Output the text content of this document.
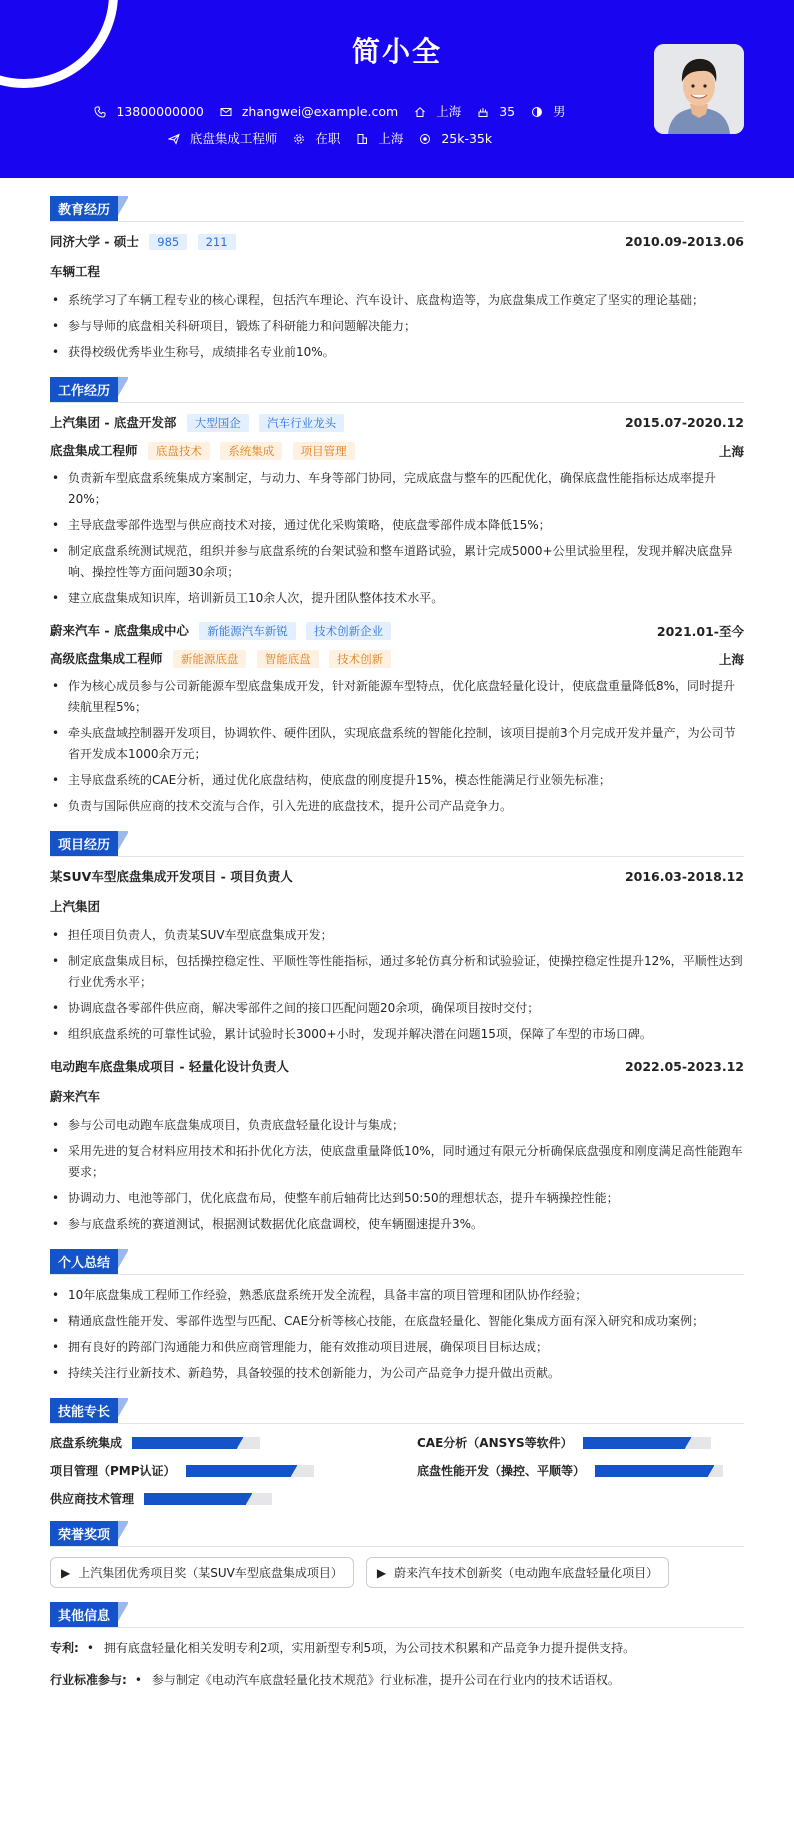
简小全
13800000000	zhangwei@example.com	上海	35	男
底盘集成工程师	在职	上海	25k-35k
教育经历
同济大学 - 硕士 985 211	2010.09-2013.06
车辆工程
• 系统学习了车辆工程专业的核心课程，包括汽车理论、汽车设计、底盘构造等，为底盘集成工作奠定了坚实的理论基础；
• 参与导师的底盘相关科研项目，锻炼了科研能力和问题解决能力；
• 获得校级优秀毕业生称号，成绩排名专业前10%。
工作经历
上汽集团 - 底盘开发部 大型国企 汽车行业龙头	2015.07-2020.12
底盘集成工程师 底盘技术 系统集成 项目管理	上海
• 负责新车型底盘系统集成方案制定，与动力、车身等部门协同，完成底盘与整车的匹配优化，确保底盘性能指标达成率提升20%；
• 主导底盘零部件选型与供应商技术对接，通过优化采购策略，使底盘零部件成本降低15%；
• 制定底盘系统测试规范，组织并参与底盘系统的台架试验和整车道路试验，累计完成5000+公里试验里程，发现并解决底盘异响、操控性等方面问题30余项；
• 建立底盘集成知识库，培训新员工10余人次，提升团队整体技术水平。
蔚来汽车 - 底盘集成中心 新能源汽车新锐 技术创新企业	2021.01-至今
高级底盘集成工程师 新能源底盘 智能底盘 技术创新	上海
• 作为核心成员参与公司新能源车型底盘集成开发，针对新能源车型特点，优化底盘轻量化设计，使底盘重量降低8%，同时提升续航里程5%；
• 牵头底盘域控制器开发项目，协调软件、硬件团队，实现底盘系统的智能化控制，该项目提前3个月完成开发并量产，为公司节省开发成本1000余万元；
• 主导底盘系统的CAE分析，通过优化底盘结构，使底盘的刚度提升15%，模态性能满足行业领先标准；
• 负责与国际供应商的技术交流与合作，引入先进的底盘技术，提升公司产品竞争力。
项目经历
某SUV车型底盘集成开发项目 - 项目负责人	2016.03-2018.12
上汽集团
• 担任项目负责人，负责某SUV车型底盘集成开发；
• 制定底盘集成目标，包括操控稳定性、平顺性等性能指标，通过多轮仿真分析和试验验证，使操控稳定性提升12%，平顺性达到行业优秀水平；
• 协调底盘各零部件供应商，解决零部件之间的接口匹配问题20余项，确保项目按时交付；
• 组织底盘系统的可靠性试验，累计试验时长3000+小时，发现并解决潜在问题15项，保障了车型的市场口碑。
电动跑车底盘集成项目 - 轻量化设计负责人	2022.05-2023.12
蔚来汽车
• 参与公司电动跑车底盘集成项目，负责底盘轻量化设计与集成；
• 采用先进的复合材料应用技术和拓扑优化方法，使底盘重量降低10%，同时通过有限元分析确保底盘强度和刚度满足高性能跑车要求；
• 协调动力、电池等部门，优化底盘布局，使整车前后轴荷比达到50:50的理想状态，提升车辆操控性能；
• 参与底盘系统的赛道测试，根据测试数据优化底盘调校，使车辆圈速提升3%。
个人总结
• 10年底盘集成工程师工作经验，熟悉底盘系统开发全流程，具备丰富的项目管理和团队协作经验；
• 精通底盘性能开发、零部件选型与匹配、CAE分析等核心技能，在底盘轻量化、智能化集成方面有深入研究和成功案例；
• 拥有良好的跨部门沟通能力和供应商管理能力，能有效推动项目进展，确保项目目标达成；
• 持续关注行业新技术、新趋势，具备较强的技术创新能力，为公司产品竞争力提升做出贡献。
技能专长
底盘系统集成	CAE分析（ANSYS等软件）
项目管理（PMP认证）	底盘性能开发（操控、平顺等）
供应商技术管理
荣誉奖项
▶ 上汽集团优秀项目奖（某SUV车型底盘集成项目）	▶ 蔚来汽车技术创新奖（电动跑车底盘轻量化项目）
其他信息
专利:	• 拥有底盘轻量化相关发明专利2项，实用新型专利5项，为公司技术积累和产品竞争力提升提供支持。
行业标准参与:	• 参与制定《电动汽车底盘轻量化技术规范》行业标准，提升公司在行业内的技术话语权。
